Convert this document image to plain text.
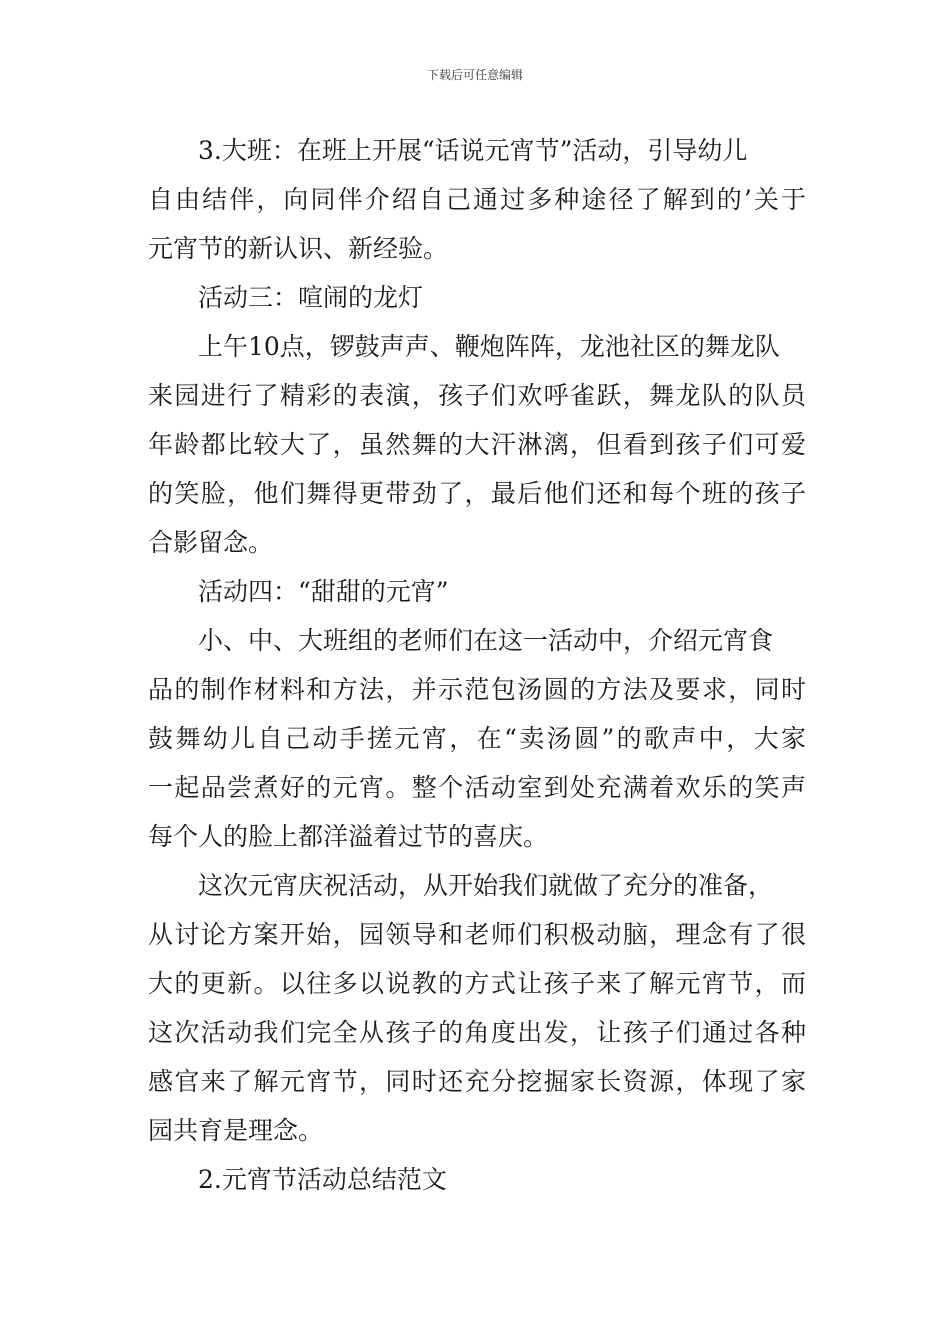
下载后可任意编辑
3.大班：在班上开展“话说元宵节”活动，引导幼儿
自由结伴，向同伴介绍自己通过多种途径了解到的’关于
元宵节的新认识、新经验。
活动三：喧闹的龙灯
上午10点，锣鼓声声、鞭炮阵阵，龙池社区的舞龙队
来园进行了精彩的表演，孩子们欢呼雀跃，舞龙队的队员
年龄都比较大了，虽然舞的大汗淋漓，但看到孩子们可爱
的笑脸，他们舞得更带劲了，最后他们还和每个班的孩子
合影留念。
活动四：“甜甜的元宵”
小、中、大班组的老师们在这一活动中，介绍元宵食
品的制作材料和方法，并示范包汤圆的方法及要求，同时
鼓舞幼儿自己动手搓元宵，在“卖汤圆”的歌声中，大家
一起品尝煮好的元宵。整个活动室到处充满着欢乐的笑声
每个人的脸上都洋溢着过节的喜庆。
这次元宵庆祝活动，从开始我们就做了充分的准备，
从讨论方案开始，园领导和老师们积极动脑，理念有了很
大的更新。以往多以说教的方式让孩子来了解元宵节，而
这次活动我们完全从孩子的角度出发，让孩子们通过各种
感官来了解元宵节，同时还充分挖掘家长资源，体现了家
园共育是理念。
2.元宵节活动总结范文
